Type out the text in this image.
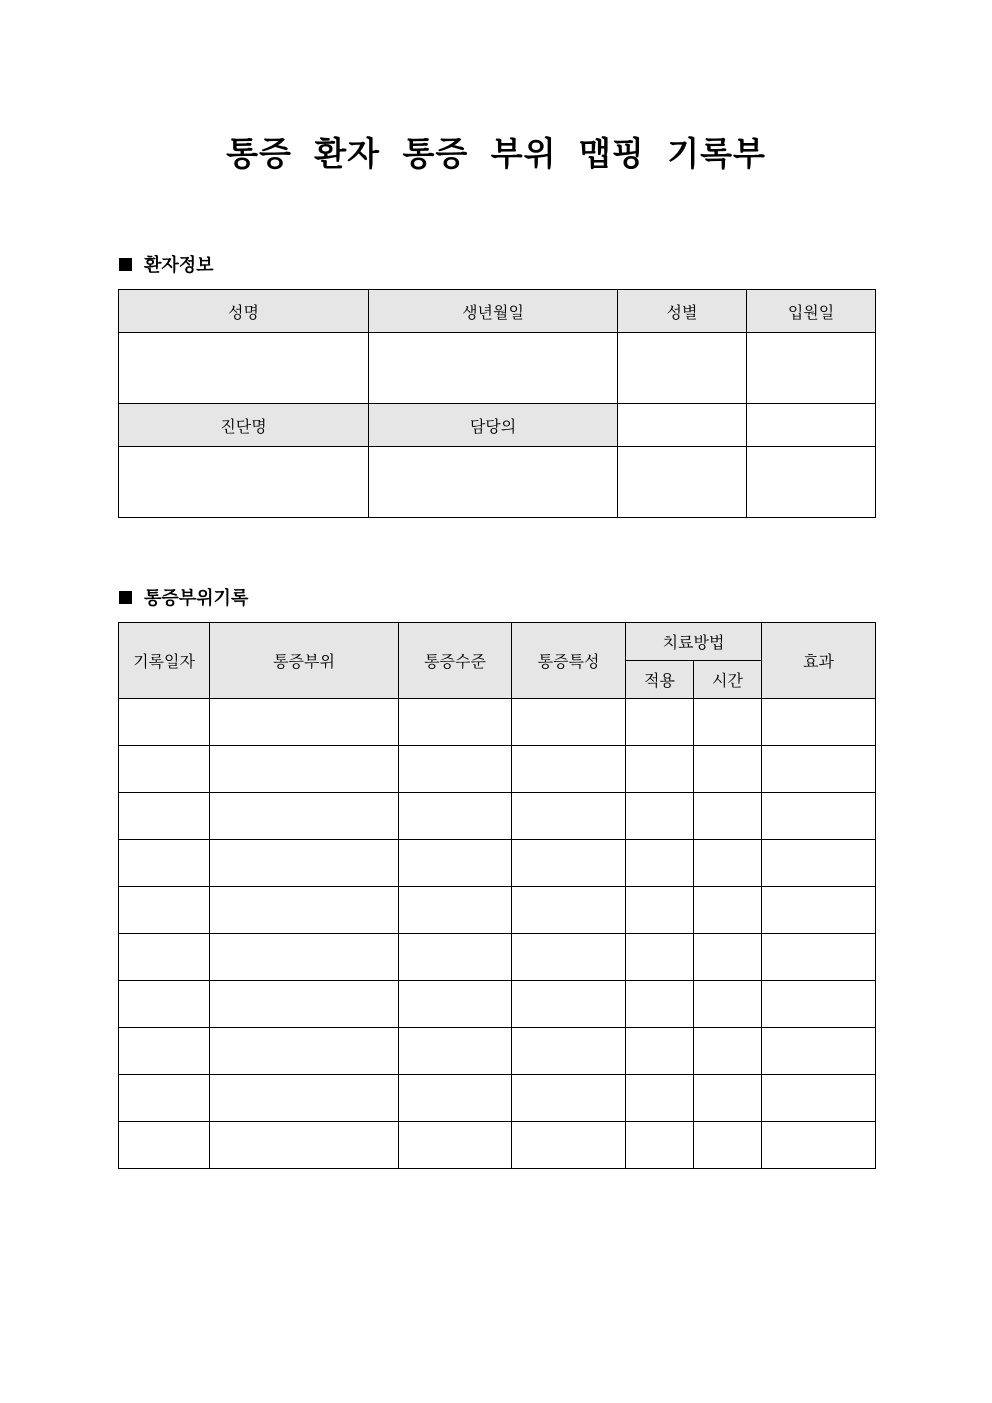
통증 환자 통증 부위 맵핑 기록부
환자정보
성명	생년월일	성별	입원일

진단명	담당의		

통증부위기록
기록일자	통증부위	통증수준	통증특성	치료방법		효과
				적용	시간	
